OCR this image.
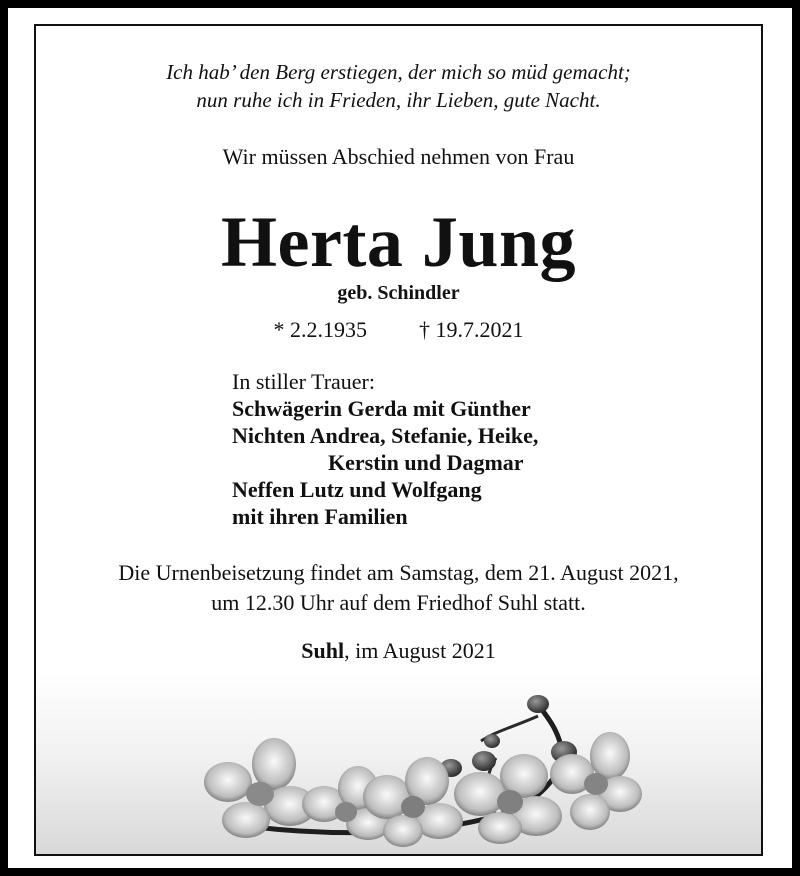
Ich hab’ den Berg erstiegen, der mich so müd gemacht;
nun ruhe ich in Frieden, ihr Lieben, gute Nacht.
Wir müssen Abschied nehmen von Frau
Herta Jung
geb. Schindler
* 2.2.1935 † 19.7.2021
In stiller Trauer:
Schwägerin Gerda mit Günther
Nichten Andrea, Stefanie, Heike,
Kerstin und Dagmar
Neffen Lutz und Wolfgang
mit ihren Familien
Die Urnenbeisetzung findet am Samstag, dem 21. August 2021,
um 12.30 Uhr auf dem Friedhof Suhl statt.
Suhl, im August 2021
